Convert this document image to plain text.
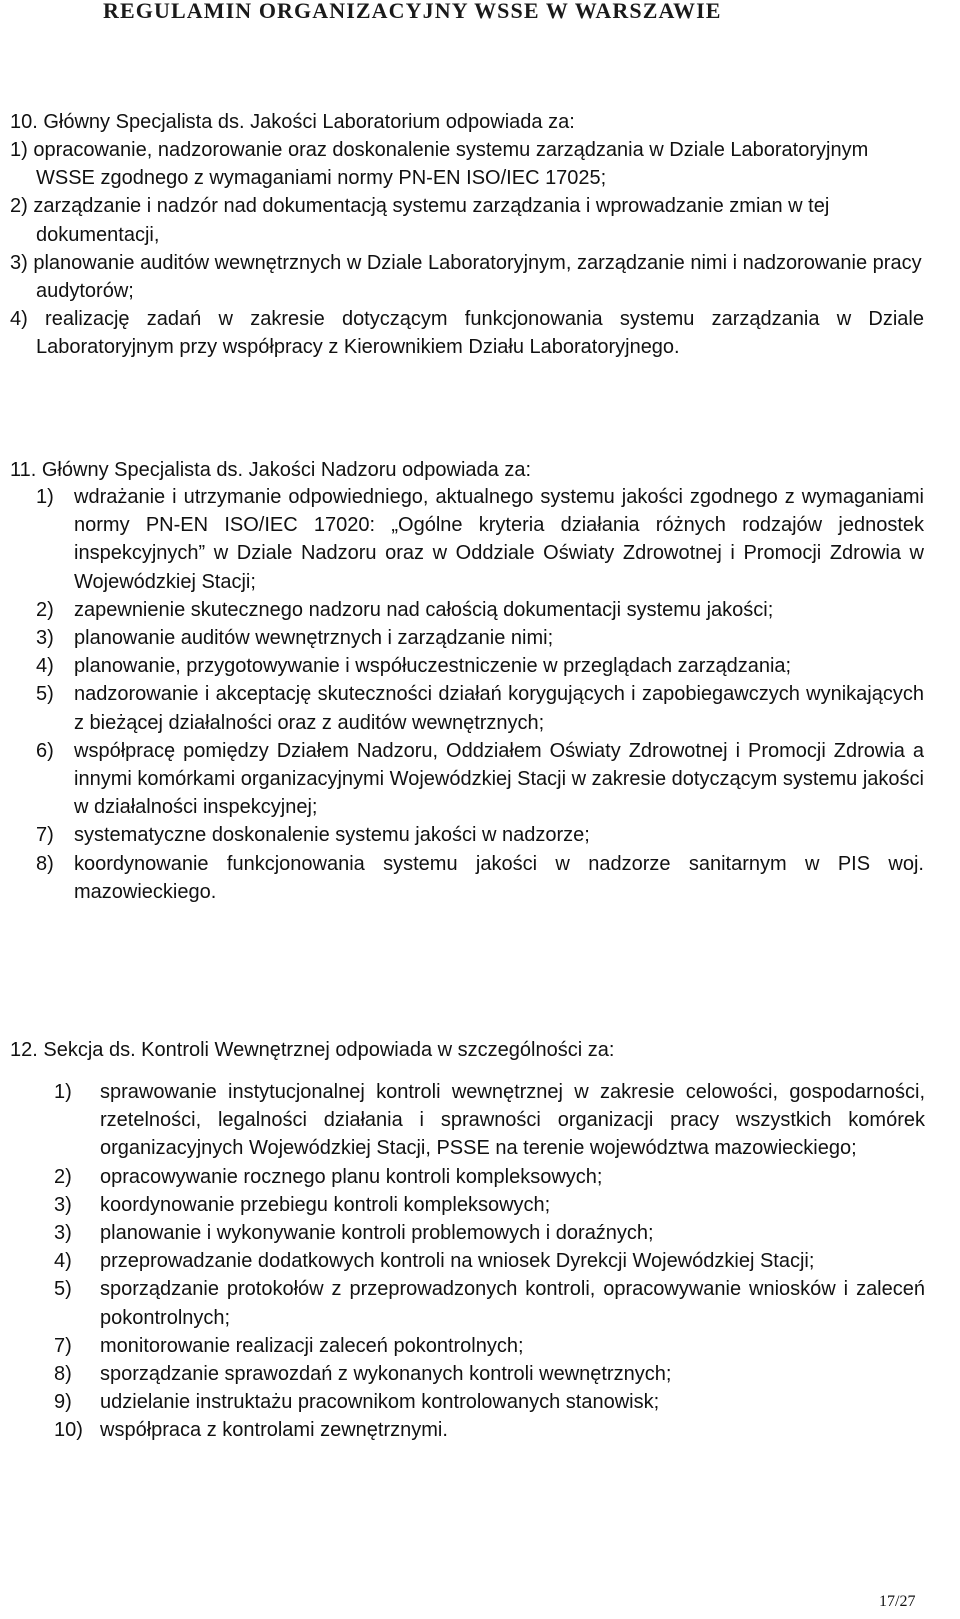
REGULAMIN ORGANIZACYJNY WSSE W WARSZAWIE
10. Główny Specjalista ds. Jakości Laboratorium odpowiada za:
1) opracowanie, nadzorowanie oraz doskonalenie systemu zarządzania w Dziale Laboratoryjnym WSSE zgodnego z wymaganiami normy PN-EN ISO/IEC 17025;
2) zarządzanie i nadzór nad dokumentacją systemu zarządzania i wprowadzanie zmian w tej dokumentacji,
3) planowanie auditów wewnętrznych w Dziale Laboratoryjnym, zarządzanie nimi i nadzorowanie pracy audytorów;
4) realizację zadań w zakresie dotyczącym funkcjonowania systemu zarządzania w Dziale Laboratoryjnym przy współpracy z Kierownikiem Działu Laboratoryjnego.
11. Główny Specjalista ds. Jakości Nadzoru odpowiada za:
1)	wdrażanie i utrzymanie odpowiedniego, aktualnego systemu jakości zgodnego z wymaganiami normy PN-EN ISO/IEC 17020: „Ogólne kryteria działania różnych rodzajów jednostek inspekcyjnych” w Dziale Nadzoru oraz w Oddziale Oświaty Zdrowotnej i Promocji Zdrowia w Wojewódzkiej Stacji;
2)	zapewnienie skutecznego nadzoru nad całością dokumentacji systemu jakości;
3)	planowanie auditów wewnętrznych i zarządzanie nimi;
4)	planowanie, przygotowywanie i współuczestniczenie w przeglądach zarządzania;
5)	nadzorowanie i akceptację skuteczności działań korygujących i zapobiegawczych wynikających z bieżącej działalności oraz z auditów wewnętrznych;
6)	współpracę pomiędzy Działem Nadzoru, Oddziałem Oświaty Zdrowotnej i Promocji Zdrowia a innymi komórkami organizacyjnymi Wojewódzkiej Stacji w zakresie dotyczącym systemu jakości w działalności inspekcyjnej;
7)	systematyczne doskonalenie systemu jakości w nadzorze;
8)	koordynowanie funkcjonowania systemu jakości w nadzorze sanitarnym w PIS woj. mazowieckiego.
12. Sekcja ds. Kontroli Wewnętrznej odpowiada w szczególności za:
1)	sprawowanie instytucjonalnej kontroli wewnętrznej w zakresie celowości, gospodarności, rzetelności, legalności działania i sprawności organizacji pracy wszystkich komórek organizacyjnych Wojewódzkiej Stacji, PSSE na terenie województwa mazowieckiego;
2)	opracowywanie rocznego planu kontroli kompleksowych;
3)	koordynowanie przebiegu kontroli kompleksowych;
3)	planowanie i wykonywanie kontroli problemowych i doraźnych;
4)	przeprowadzanie dodatkowych kontroli na wniosek Dyrekcji Wojewódzkiej Stacji;
5)	sporządzanie protokołów z przeprowadzonych kontroli, opracowywanie wniosków i zaleceń pokontrolnych;
7)	monitorowanie realizacji zaleceń pokontrolnych;
8)	sporządzanie sprawozdań z wykonanych kontroli wewnętrznych;
9)	udzielanie instruktażu pracownikom kontrolowanych stanowisk;
10) współpraca z kontrolami zewnętrznymi.
17/27
